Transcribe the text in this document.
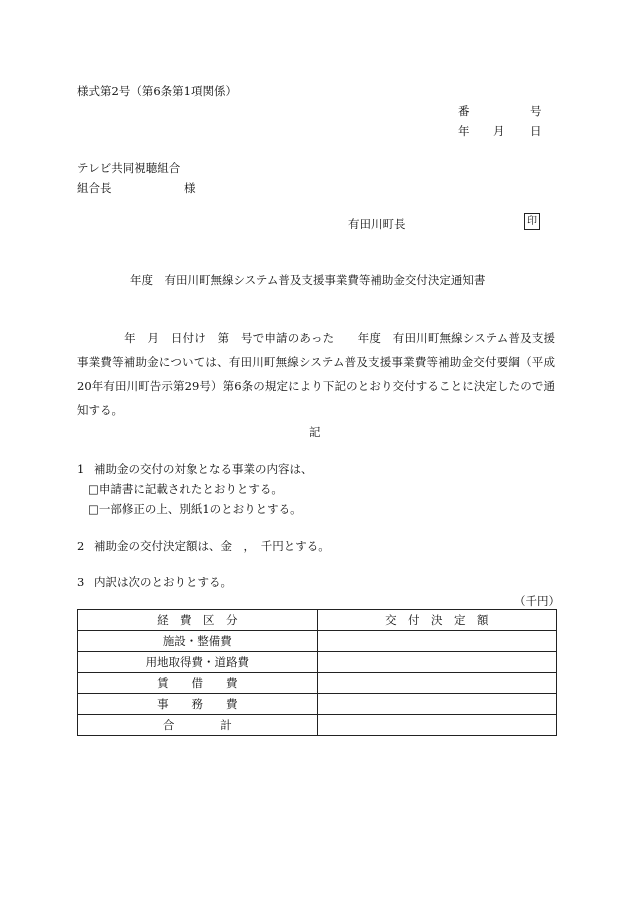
様式第2号（第6条第1項関係）
番	号
年 月 日
テレビ共同視聴組合
組合長	様
有田川町長	印
年度　有田川町無線システム普及支援事業費等補助金交付決定通知書
年　月　日付け　第　号で申請のあった　　年度　有田川町無線システム普及支援事業費等補助金については、有田川町無線システム普及支援事業費等補助金交付要綱（平成20年有田川町告示第29号）第6条の規定により下記のとおり交付することに決定したので通知する。
記
1 補助金の交付の対象となる事業の内容は、
□申請書に記載されたとおりとする。
□一部修正の上、別紙1のとおりとする。
2 補助金の交付決定額は、金　，　千円とする。
3 内訳は次のとおりとする。
（千円）
経　費　区　分	交　付　決　定　額
施設・整備費	
用地取得費・道路費	
賃　　借　　費	
事　　務　　費	
合　　　　計	
